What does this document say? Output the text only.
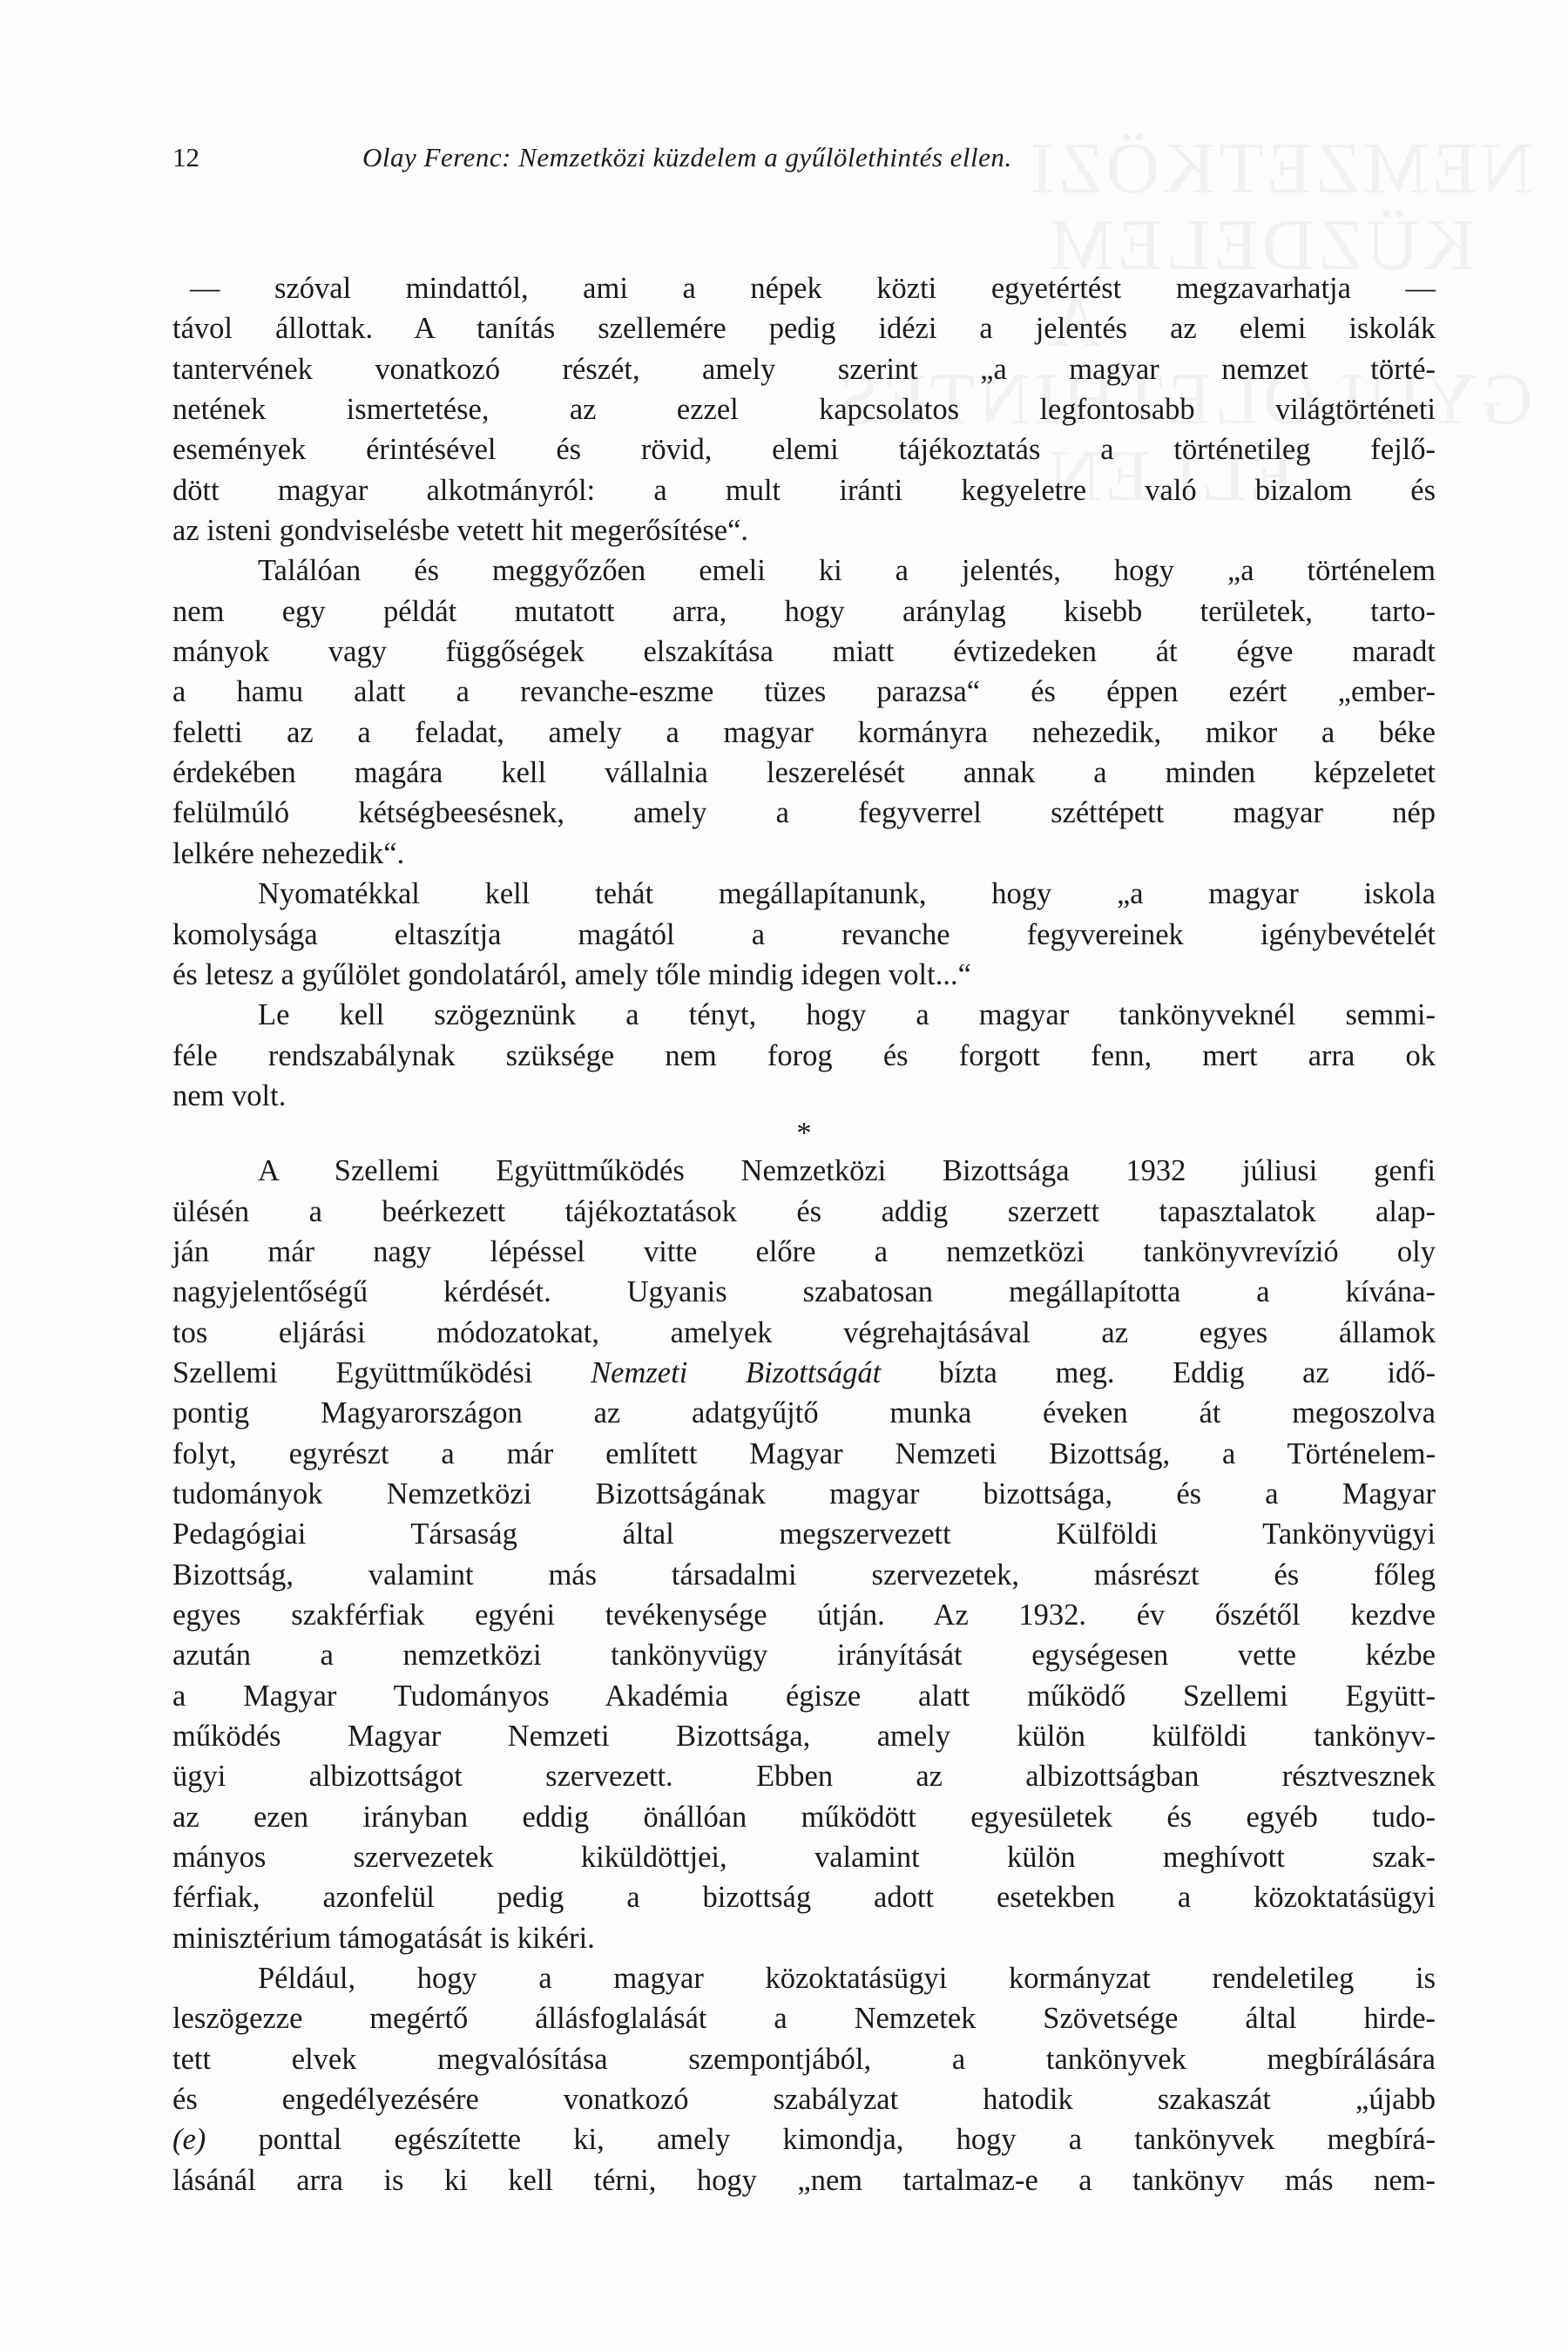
12	Olay Ferenc: Nemzetközi küzdelem a gyűlölethintés ellen.
— szóval mindattól, ami a népek közti egyetértést megzavarhatja —
távol állottak. A tanítás szellemére pedig idézi a jelentés az elemi iskolák
tantervének vonatkozó részét, amely szerint „a magyar nemzet törté-
netének ismertetése, az ezzel kapcsolatos legfontosabb világtörténeti
események érintésével és rövid, elemi tájékoztatás a történetileg fejlő-
dött magyar alkotmányról: a mult iránti kegyeletre való bizalom és
az isteni gondviselésbe vetett hit megerősítése“.
Találóan és meggyőzően emeli ki a jelentés, hogy „a történelem
nem egy példát mutatott arra, hogy aránylag kisebb területek, tarto-
mányok vagy függőségek elszakítása miatt évtizedeken át égve maradt
a hamu alatt a revanche-eszme tüzes parazsa“ és éppen ezért „ember-
feletti az a feladat, amely a magyar kormányra nehezedik, mikor a béke
érdekében magára kell vállalnia leszerelését annak a minden képzeletet
felülmúló kétségbeesésnek, amely a fegyverrel széttépett magyar nép
lelkére nehezedik“.
Nyomatékkal kell tehát megállapítanunk, hogy „a magyar iskola
komolysága eltaszítja magától a revanche fegyvereinek igénybevételét
és letesz a gyűlölet gondolatáról, amely tőle mindig idegen volt...“
Le kell szögeznünk a tényt, hogy a magyar tankönyveknél semmi-
féle rendszabálynak szüksége nem forog és forgott fenn, mert arra ok
nem volt.
*
A Szellemi Együttműködés Nemzetközi Bizottsága 1932 júliusi genfi
ülésén a beérkezett tájékoztatások és addig szerzett tapasztalatok alap-
ján már nagy lépéssel vitte előre a nemzetközi tankönyvrevízió oly
nagyjelentőségű kérdését. Ugyanis szabatosan megállapította a kívána-
tos eljárási módozatokat, amelyek végrehajtásával az egyes államok
Szellemi Együttműködési Nemzeti Bizottságát bízta meg. Eddig az idő-
pontig Magyarországon az adatgyűjtő munka éveken át megoszolva
folyt, egyrészt a már említett Magyar Nemzeti Bizottság, a Történelem-
tudományok Nemzetközi Bizottságának magyar bizottsága, és a Magyar
Pedagógiai Társaság által megszervezett Külföldi Tankönyvügyi
Bizottság, valamint más társadalmi szervezetek, másrészt és főleg
egyes szakférfiak egyéni tevékenysége útján. Az 1932. év őszétől kezdve
azután a nemzetközi tankönyvügy irányítását egységesen vette kézbe
a Magyar Tudományos Akadémia égisze alatt működő Szellemi Együtt-
működés Magyar Nemzeti Bizottsága, amely külön külföldi tankönyv-
ügyi albizottságot szervezett. Ebben az albizottságban résztvesznek
az ezen irányban eddig önállóan működött egyesületek és egyéb tudo-
mányos szervezetek kiküldöttjei, valamint külön meghívott szak-
férfiak, azonfelül pedig a bizottság adott esetekben a közoktatásügyi
minisztérium támogatását is kikéri.
Például, hogy a magyar közoktatásügyi kormányzat rendeletileg is
leszögezze megértő állásfoglalását a Nemzetek Szövetsége által hirde-
tett elvek megvalósítása szempontjából, a tankönyvek megbírálására
és engedélyezésére vonatkozó szabályzat hatodik szakaszát „újabb
(e) ponttal egészítette ki, amely kimondja, hogy a tankönyvek megbírá-
lásánál arra is ki kell térni, hogy „nem tartalmaz-e a tankönyv más nem-
